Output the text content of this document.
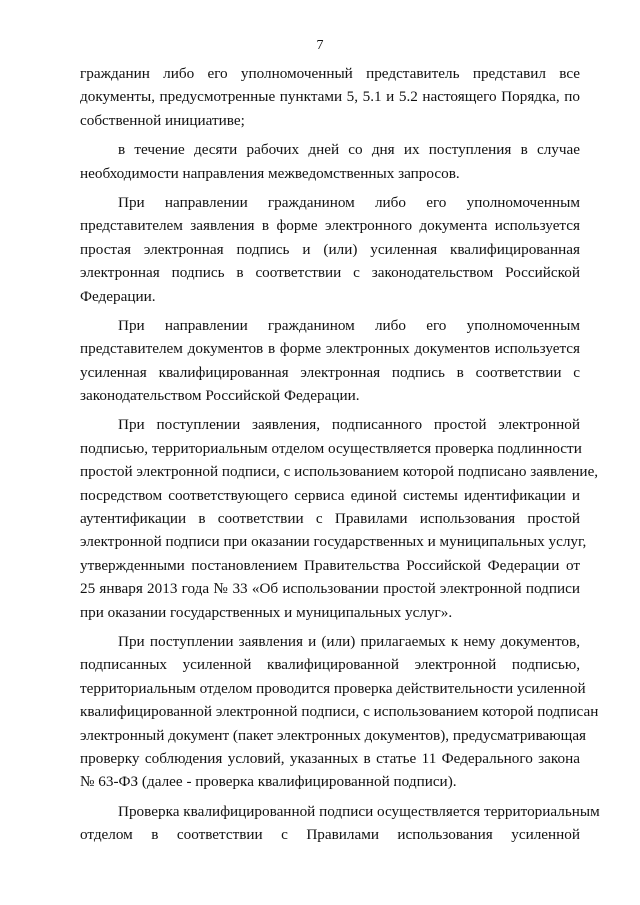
7
гражданин либо его уполномоченный представитель представил все
документы, предусмотренные пунктами 5, 5.1 и 5.2 настоящего Порядка, по
собственной инициативе;
в течение десяти рабочих дней со дня их поступления в случае
необходимости направления межведомственных запросов.
При направлении гражданином либо его уполномоченным
представителем заявления в форме электронного документа используется
простая электронная подпись и (или) усиленная квалифицированная
электронная подпись в соответствии с законодательством Российской
Федерации.
При направлении гражданином либо его уполномоченным
представителем документов в форме электронных документов используется
усиленная квалифицированная электронная подпись в соответствии с
законодательством Российской Федерации.
При поступлении заявления, подписанного простой электронной
подписью, территориальным отделом осуществляется проверка подлинности
простой электронной подписи, с использованием которой подписано заявление,
посредством соответствующего сервиса единой системы идентификации и
аутентификации в соответствии с Правилами использования простой
электронной подписи при оказании государственных и муниципальных услуг,
утвержденными постановлением Правительства Российской Федерации от
25 января 2013 года № 33 «Об использовании простой электронной подписи
при оказании государственных и муниципальных услуг».
При поступлении заявления и (или) прилагаемых к нему документов,
подписанных усиленной квалифицированной электронной подписью,
территориальным отделом проводится проверка действительности усиленной
квалифицированной электронной подписи, с использованием которой подписан
электронный документ (пакет электронных документов), предусматривающая
проверку соблюдения условий, указанных в статье 11 Федерального закона
№ 63-ФЗ (далее - проверка квалифицированной подписи).
Проверка квалифицированной подписи осуществляется территориальным
отделом в соответствии с Правилами использования усиленной
